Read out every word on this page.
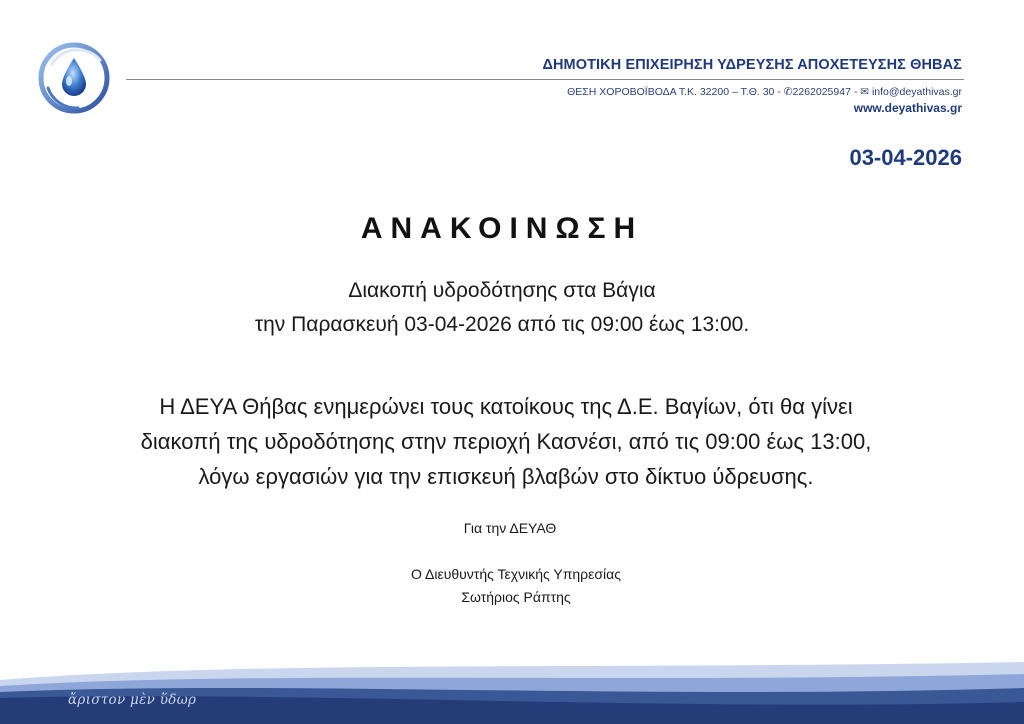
ΔΗΜΟΤΙΚΗ ΕΠΙΧΕΙΡΗΣΗ ΥΔΡΕΥΣΗΣ ΑΠΟΧΕΤΕΥΣΗΣ ΘΗΒΑΣ
ΘΕΣΗ ΧΟΡΟΒΟΪΒΟΔΑ Τ.Κ. 32200 – Τ.Θ. 30 - ✆2262025947 - ✉ info@deyathivas.gr
www.deyathivas.gr
03-04-2026
ΑΝΑΚΟΙΝΩΣΗ
Διακοπή υδροδότησης στα Βάγια
την Παρασκευή 03-04-2026 από τις 09:00 έως 13:00.
Η ΔΕΥΑ Θήβας ενημερώνει τους κατοίκους της Δ.Ε. Βαγίων, ότι θα γίνει
διακοπή της υδροδότησης στην περιοχή Κασνέσι, από τις 09:00 έως 13:00,
λόγω εργασιών για την επισκευή βλαβών στο δίκτυο ύδρευσης.
Για την ΔΕΥΑΘ
Ο Διευθυντής Τεχνικής Υπηρεσίας
Σωτήριος Ράπτης
ἄριστον μὲν ὕδωρ
